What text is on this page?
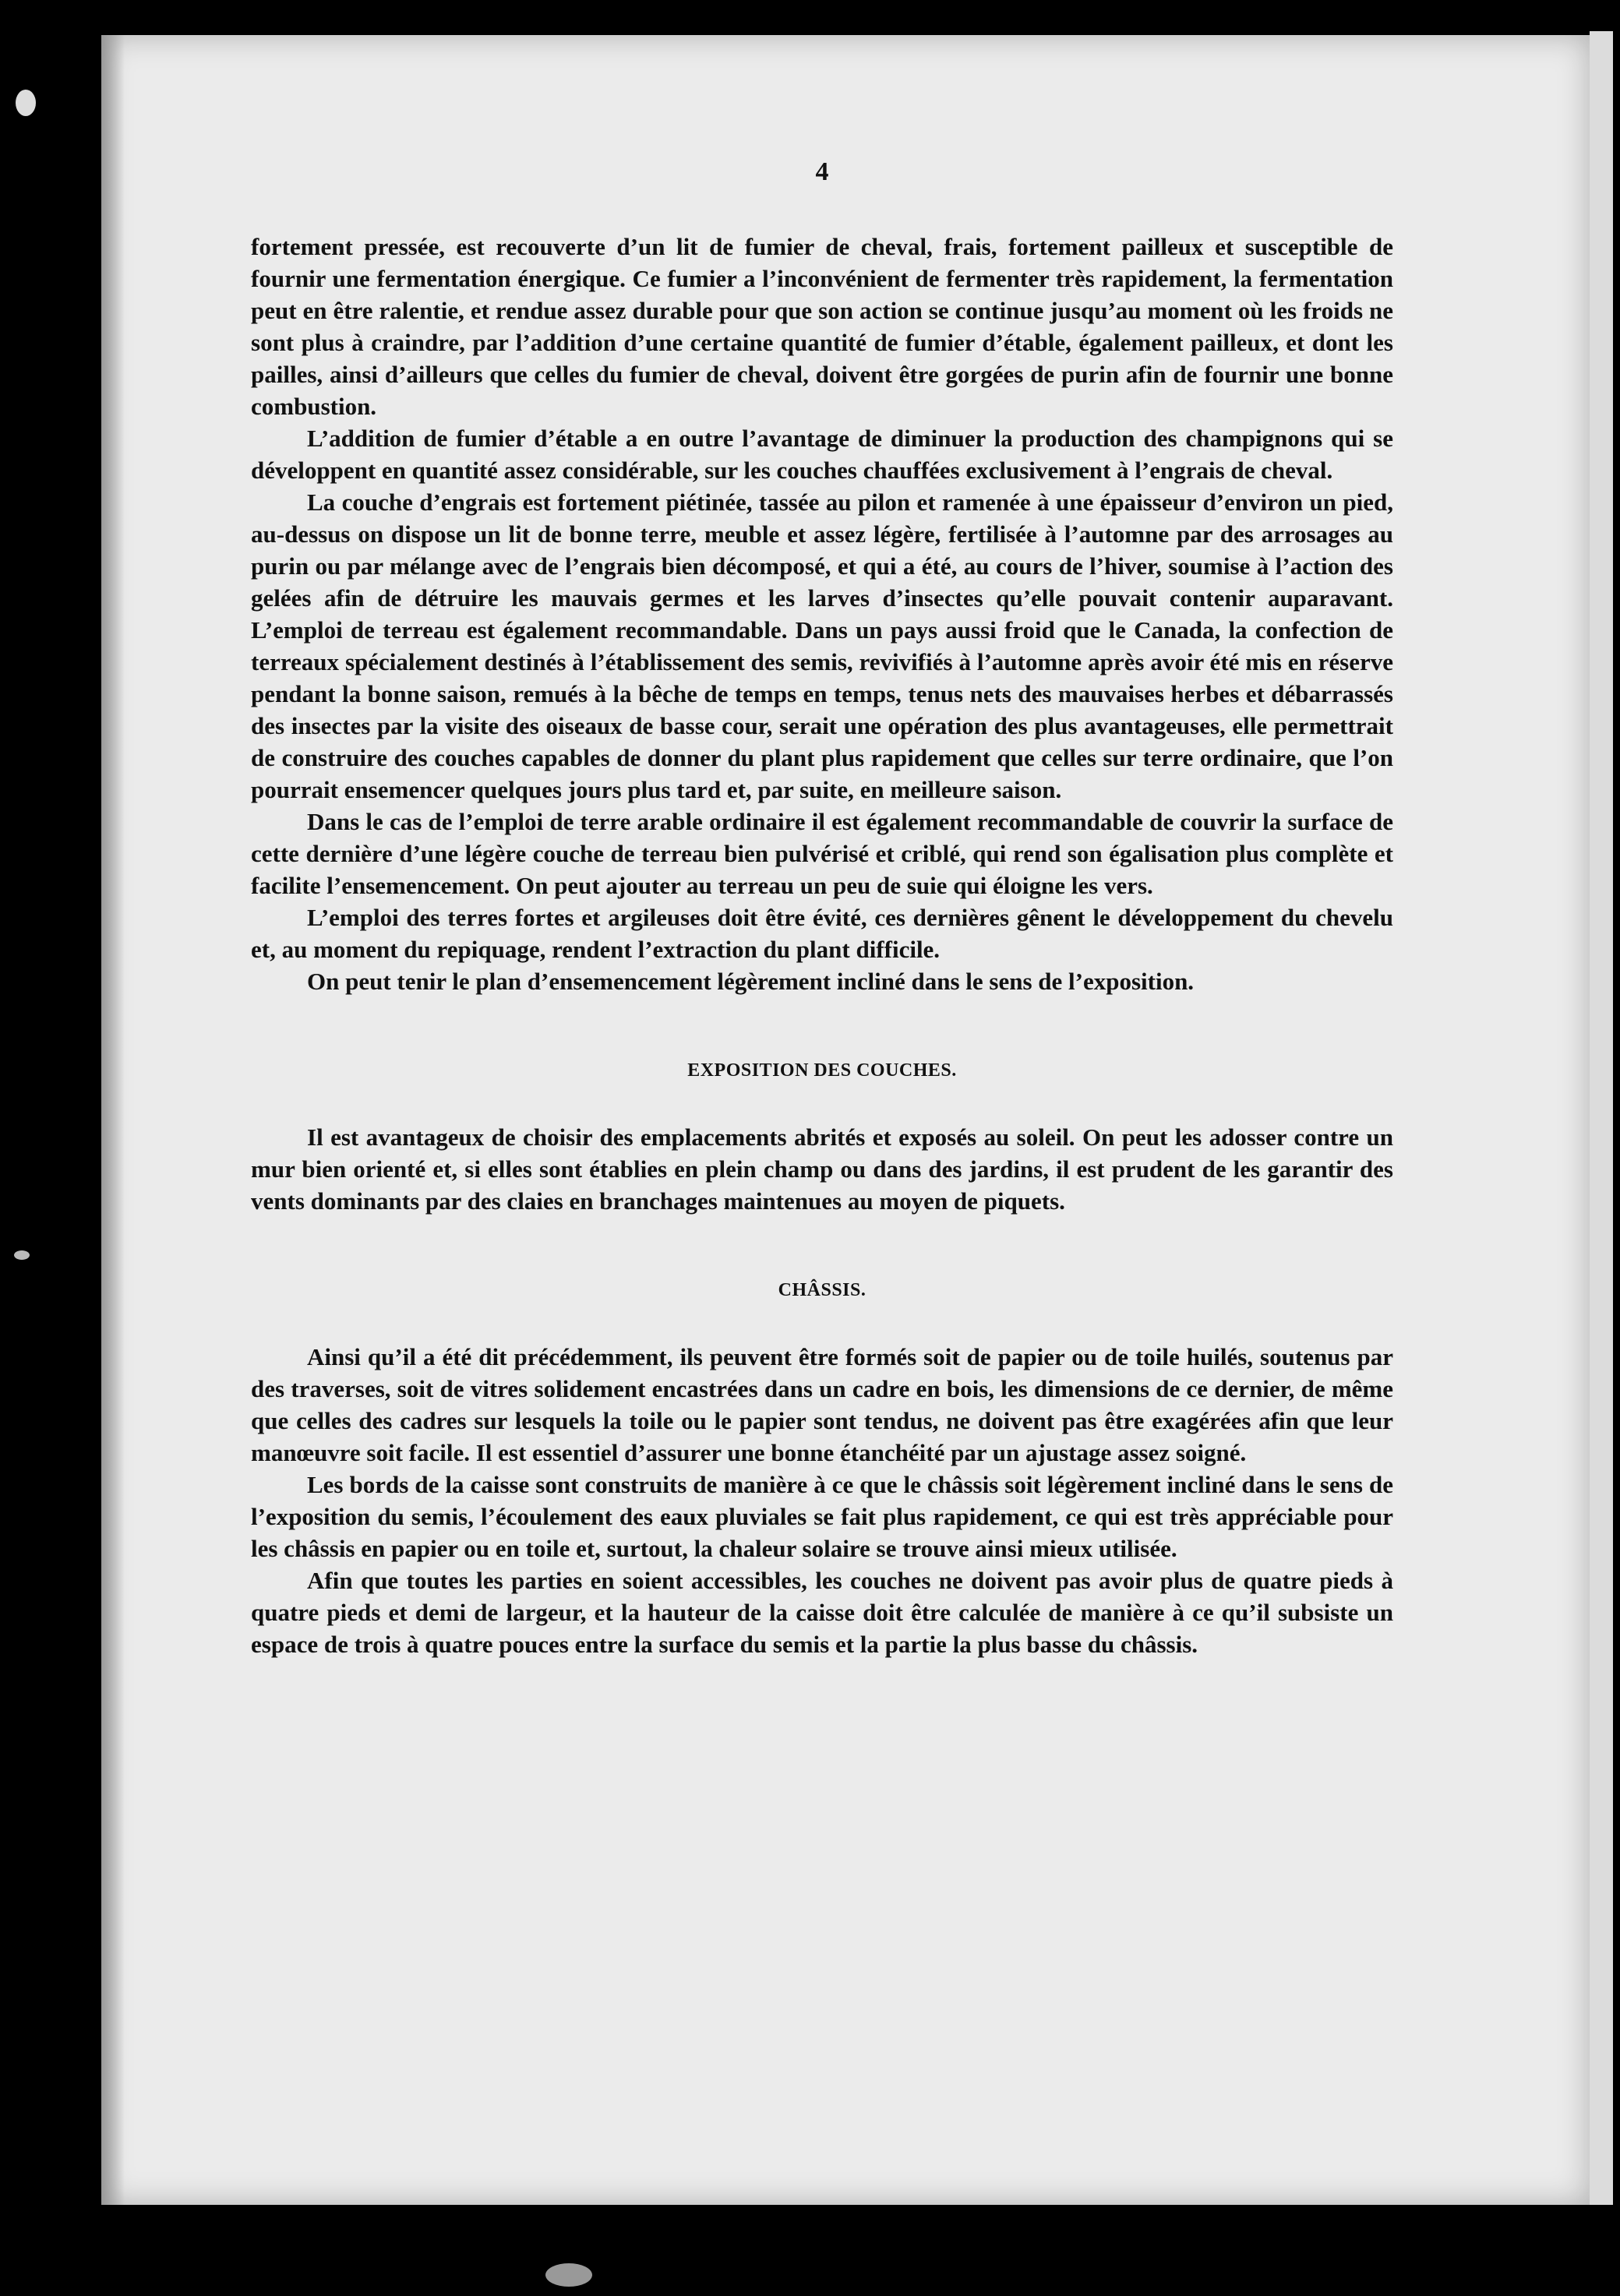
4

fortement pressée, est recouverte d’un lit de fumier de cheval, frais, fortement pailleux et susceptible de fournir une fermentation énergique. Ce fumier a l’inconvénient de fermenter très rapidement, la fermentation peut en être ralentie, et rendue assez durable pour que son action se continue jusqu’au moment où les froids ne sont plus à craindre, par l’addition d’une certaine quantité de fumier d’étable, également pailleux, et dont les pailles, ainsi d’ailleurs que celles du fumier de cheval, doivent être gorgées de purin afin de fournir une bonne combustion.

L’addition de fumier d’étable a en outre l’avantage de diminuer la production des champignons qui se développent en quantité assez considérable, sur les couches chauffées exclusivement à l’engrais de cheval.

La couche d’engrais est fortement piétinée, tassée au pilon et ramenée à une épaisseur d’environ un pied, au-dessus on dispose un lit de bonne terre, meuble et assez légère, fertilisée à l’automne par des arrosages au purin ou par mélange avec de l’engrais bien décomposé, et qui a été, au cours de l’hiver, soumise à l’action des gelées afin de détruire les mauvais germes et les larves d’insectes qu’elle pouvait contenir auparavant. L’emploi de terreau est également recommandable. Dans un pays aussi froid que le Canada, la confection de terreaux spécialement destinés à l’établissement des semis, revivifiés à l’automne après avoir été mis en réserve pendant la bonne saison, remués à la bêche de temps en temps, tenus nets des mauvaises herbes et débarrassés des insectes par la visite des oiseaux de basse cour, serait une opération des plus avantageuses, elle permettrait de construire des couches capables de donner du plant plus rapidement que celles sur terre ordinaire, que l’on pourrait ensemencer quelques jours plus tard et, par suite, en meilleure saison.

Dans le cas de l’emploi de terre arable ordinaire il est également recommandable de couvrir la surface de cette dernière d’une légère couche de terreau bien pulvérisé et criblé, qui rend son égalisation plus complète et facilite l’ensemencement. On peut ajouter au terreau un peu de suie qui éloigne les vers.

L’emploi des terres fortes et argileuses doit être évité, ces dernières gênent le développement du chevelu et, au moment du repiquage, rendent l’extraction du plant difficile.

On peut tenir le plan d’ensemencement légèrement incliné dans le sens de l’exposition.

EXPOSITION DES COUCHES.

Il est avantageux de choisir des emplacements abrités et exposés au soleil. On peut les adosser contre un mur bien orienté et, si elles sont établies en plein champ ou dans des jardins, il est prudent de les garantir des vents dominants par des claies en branchages maintenues au moyen de piquets.

CHÂSSIS.

Ainsi qu’il a été dit précédemment, ils peuvent être formés soit de papier ou de toile huilés, soutenus par des traverses, soit de vitres solidement encastrées dans un cadre en bois, les dimensions de ce dernier, de même que celles des cadres sur lesquels la toile ou le papier sont tendus, ne doivent pas être exagérées afin que leur manœuvre soit facile. Il est essentiel d’assurer une bonne étanchéité par un ajustage assez soigné.

Les bords de la caisse sont construits de manière à ce que le châssis soit légèrement incliné dans le sens de l’exposition du semis, l’écoulement des eaux pluviales se fait plus rapidement, ce qui est très appréciable pour les châssis en papier ou en toile et, surtout, la chaleur solaire se trouve ainsi mieux utilisée.

Afin que toutes les parties en soient accessibles, les couches ne doivent pas avoir plus de quatre pieds à quatre pieds et demi de largeur, et la hauteur de la caisse doit être calculée de manière à ce qu’il subsiste un espace de trois à quatre pouces entre la surface du semis et la partie la plus basse du châssis.
